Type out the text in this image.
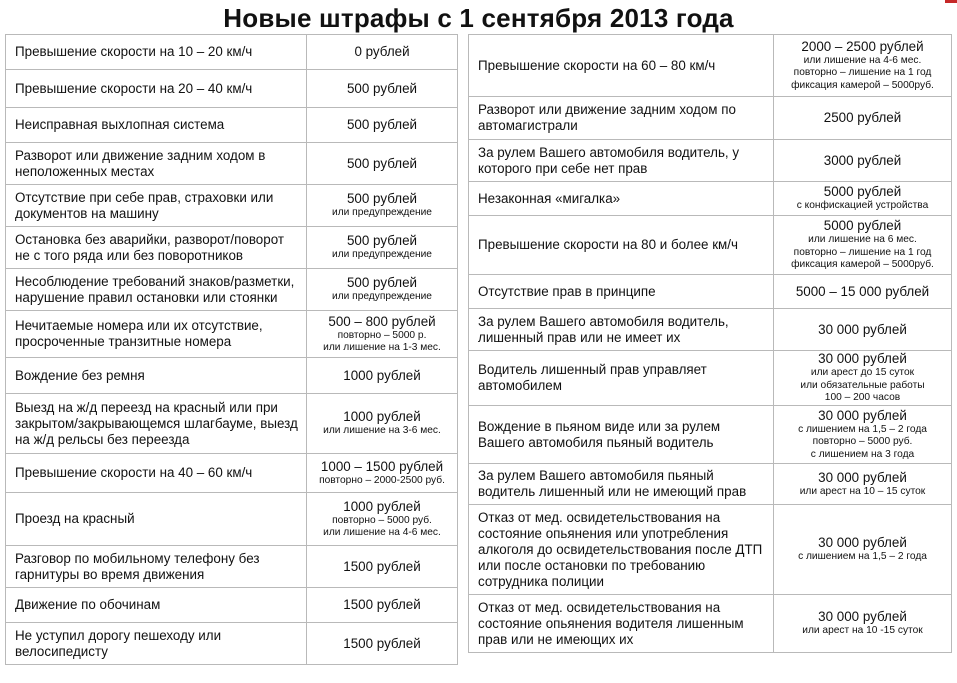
Новые штрафы с 1 сентября 2013 года
Превышение скорости на 10 – 20 км/ч	0 рублей

Превышение скорости на 20 – 40 км/ч	500 рублей

Неисправная выхлопная система	500 рублей

Разворот или движение задним ходом в неположенных местах	500 рублей

Отсутствие при себе прав, страховки или документов на машину	500 рублей
или предупреждение

Остановка без аварийки, разворот/поворот не с того ряда или без поворотников	500 рублей
или предупреждение

Несоблюдение требований знаков/разметки, нарушение правил остановки или стоянки	500 рублей
или предупреждение

Нечитаемые номера или их отсутствие, просроченные транзитные номера	500 – 800 рублей
повторно – 5000 р.
или лишение на 1-3 мес.

Вождение без ремня	1000 рублей

Выезд на ж/д переезд на красный или при закрытом/закрывающемся шлагбауме, выезд на ж/д рельсы без переезда	1000 рублей
или лишение на 3-6 мес.

Превышение скорости на 40 – 60 км/ч	1000 – 1500 рублей
повторно – 2000-2500 руб.

Проезд на красный	1000 рублей
повторно – 5000 руб.
или лишение на 4-6 мес.

Разговор по мобильному телефону без гарнитуры во время движения	1500 рублей

Движение по обочинам	1500 рублей

Не уступил дорогу пешеходу или велосипедисту	1500 рублей
Превышение скорости на 60 – 80 км/ч	2000 – 2500 рублей
или лишение на 4-6 мес.
повторно – лишение на 1 год
фиксация камерой – 5000руб.

Разворот или движение задним ходом по автомагистрали	2500 рублей

За рулем Вашего автомобиля водитель, у которого при себе нет прав	3000 рублей

Незаконная «мигалка»	5000 рублей
с конфискацией устройства

Превышение скорости на 80 и более км/ч	5000 рублей
или лишение на 6 мес.
повторно – лишение на 1 год
фиксация камерой – 5000руб.

Отсутствие прав в принципе	5000 – 15 000 рублей

За рулем Вашего автомобиля водитель, лишенный прав или не имеет их	30 000 рублей

Водитель лишенный прав управляет автомобилем	30 000 рублей
или арест до 15 суток
или обязательные работы
100 – 200 часов

Вождение в пьяном виде или за рулем Вашего автомобиля пьяный водитель	30 000 рублей
с лишением на 1,5 – 2 года
повторно – 5000 руб.
с лишением на 3 года

За рулем Вашего автомобиля пьяный водитель лишенный или не имеющий прав	30 000 рублей
или арест на 10 – 15 суток

Отказ от мед. освидетельствования на состояние опьянения или употребления алкоголя до освидетельствования после ДТП или после остановки по требованию сотрудника полиции	30 000 рублей
с лишением на 1,5 – 2 года

Отказ от мед. освидетельствования на состояние опьянения водителя лишенным прав или не имеющих их	30 000 рублей
или арест на 10 -15 суток
